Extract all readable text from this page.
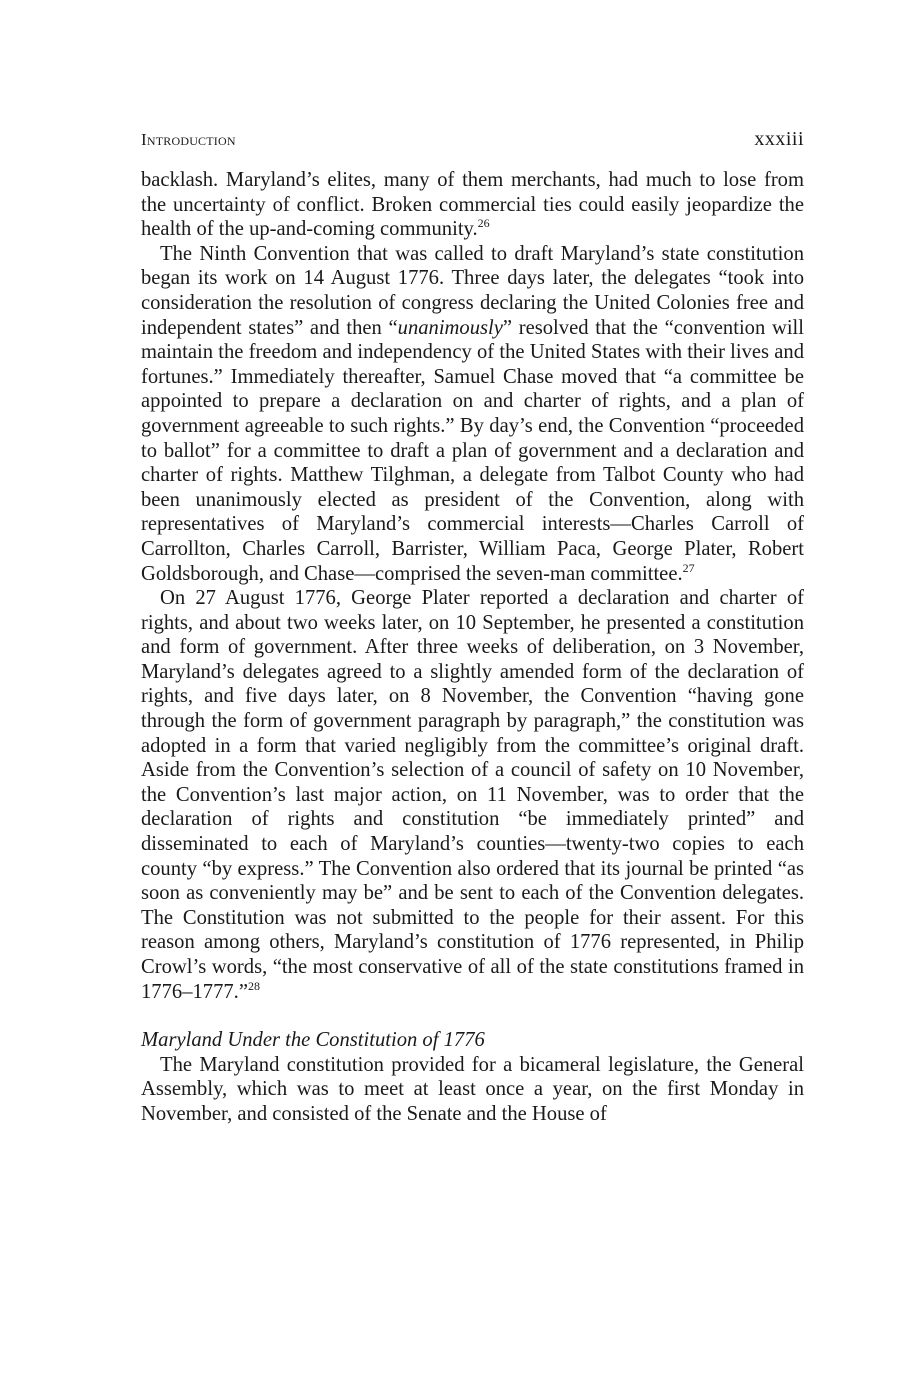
Introduction	xxxiii

backlash. Maryland’s elites, many of them merchants, had much to lose from the uncertainty of conflict. Broken commercial ties could easily jeopardize the health of the up-and-coming community.$^{26}$

The Ninth Convention that was called to draft Maryland’s state constitution began its work on 14 August 1776. Three days later, the delegates “took into consideration the resolution of congress declaring the United Colonies free and independent states” and then “unanimously” resolved that the “convention will maintain the freedom and independency of the United States with their lives and fortunes.” Immediately thereafter, Samuel Chase moved that “a committee be appointed to prepare a declaration on and charter of rights, and a plan of government agreeable to such rights.” By day’s end, the Convention “proceeded to ballot” for a committee to draft a plan of government and a declaration and charter of rights. Matthew Tilghman, a delegate from Talbot County who had been unanimously elected as president of the Convention, along with representatives of Maryland’s commercial interests—Charles Carroll of Carrollton, Charles Carroll, Barrister, William Paca, George Plater, Robert Goldsborough, and Chase—comprised the seven-man committee.$^{27}$

On 27 August 1776, George Plater reported a declaration and charter of rights, and about two weeks later, on 10 September, he presented a constitution and form of government. After three weeks of deliberation, on 3 November, Maryland’s delegates agreed to a slightly amended form of the declaration of rights, and five days later, on 8 November, the Convention “having gone through the form of government paragraph by paragraph,” the constitution was adopted in a form that varied negligibly from the committee’s original draft. Aside from the Convention’s selection of a council of safety on 10 November, the Convention’s last major action, on 11 November, was to order that the declaration of rights and constitution “be immediately printed” and disseminated to each of Maryland’s counties—twenty-two copies to each county “by express.” The Convention also ordered that its journal be printed “as soon as conveniently may be” and be sent to each of the Convention delegates. The Constitution was not submitted to the people for their assent. For this reason among others, Maryland’s constitution of 1776 represented, in Philip Crowl’s words, “the most conservative of all of the state constitutions framed in 1776–1777.”$^{28}$

Maryland Under the Constitution of 1776

The Maryland constitution provided for a bicameral legislature, the General Assembly, which was to meet at least once a year, on the first Monday in November, and consisted of the Senate and the House of
